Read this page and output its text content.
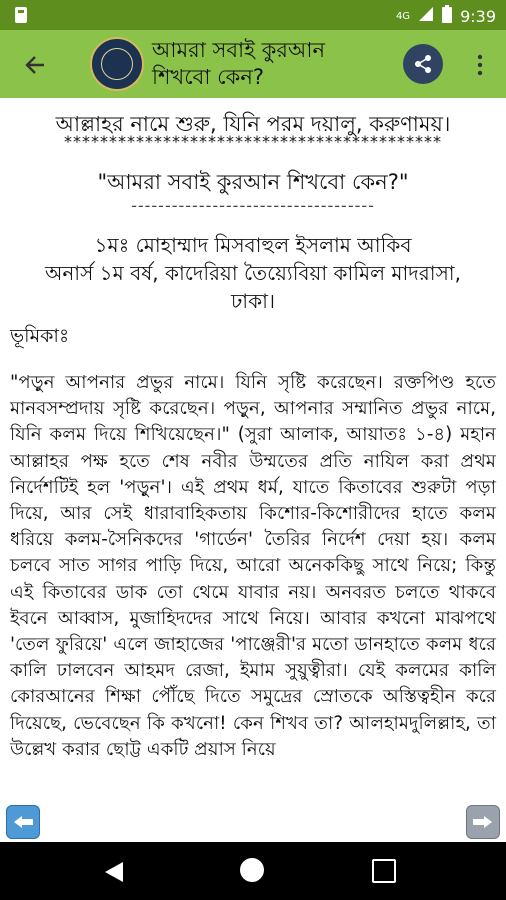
4G	9:39
আমরা সবাই কুরআন
শিখবো কেন?
আল্লাহর নামে শুরু, যিনি পরম দয়ালু, করুণাময়।
******************************************
"আমরা সবাই কুরআন শিখবো কেন?"
------------------------------------
১মঃ মোহাম্মাদ মিসবাহুল ইসলাম আকিব
অনার্স ১ম বর্ষ, কাদেরিয়া তৈয়্যেবিয়া কামিল মাদরাসা,
ঢাকা।
ভূমিকাঃ
"পড়ুন আপনার প্রভুর নামে। যিনি সৃষ্টি করেছেন। রক্তপিণ্ড হতে মানবসম্প্রদায় সৃষ্টি করেছেন। পড়ুন, আপনার সম্মানিত প্রভুর নামে, যিনি কলম দিয়ে শিখিয়েছেন।" (সুরা আলাক, আয়াতঃ ১-৪) মহান আল্লাহর পক্ষ হতে শেষ নবীর উম্মতের প্রতি নাযিল করা প্রথম নির্দেশটিই হল 'পড়ুন'। এই প্রথম ধর্ম, যাতে কিতাবের শুরুটা পড়া দিয়ে, আর সেই ধারাবাহিকতায় কিশোর-কিশোরীদের হাতে কলম ধরিয়ে কলম-সৈনিকদের 'গার্ডেন' তৈরির নির্দেশ দেয়া হয়। কলম চলবে সাত সাগর পাড়ি দিয়ে, আরো অনেককিছু সাথে নিয়ে; কিন্তু এই কিতাবের ডাক তো থেমে যাবার নয়। অনবরত চলতে থাকবে ইবনে আব্বাস, মুজাহিদদের সাথে নিয়ে। আবার কখনো মাঝপথে 'তেল ফুরিয়ে' এলে জাহাজের 'পাঞ্জেরী'র মতো ডানহাতে কলম ধরে কালি ঢালবেন আহমদ রেজা, ইমাম সুয়ুত্বীরা। যেই কলমের কালি কোরআনের শিক্ষা পৌঁছে দিতে সমুদ্রের স্রোতকে অস্তিত্বহীন করে দিয়েছে, ভেবেছেন কি কখনো! কেন শিখব তা? আলহামদুলিল্লাহ, তা উল্লেখ করার ছোট্ট একটি প্রয়াস নিয়ে
